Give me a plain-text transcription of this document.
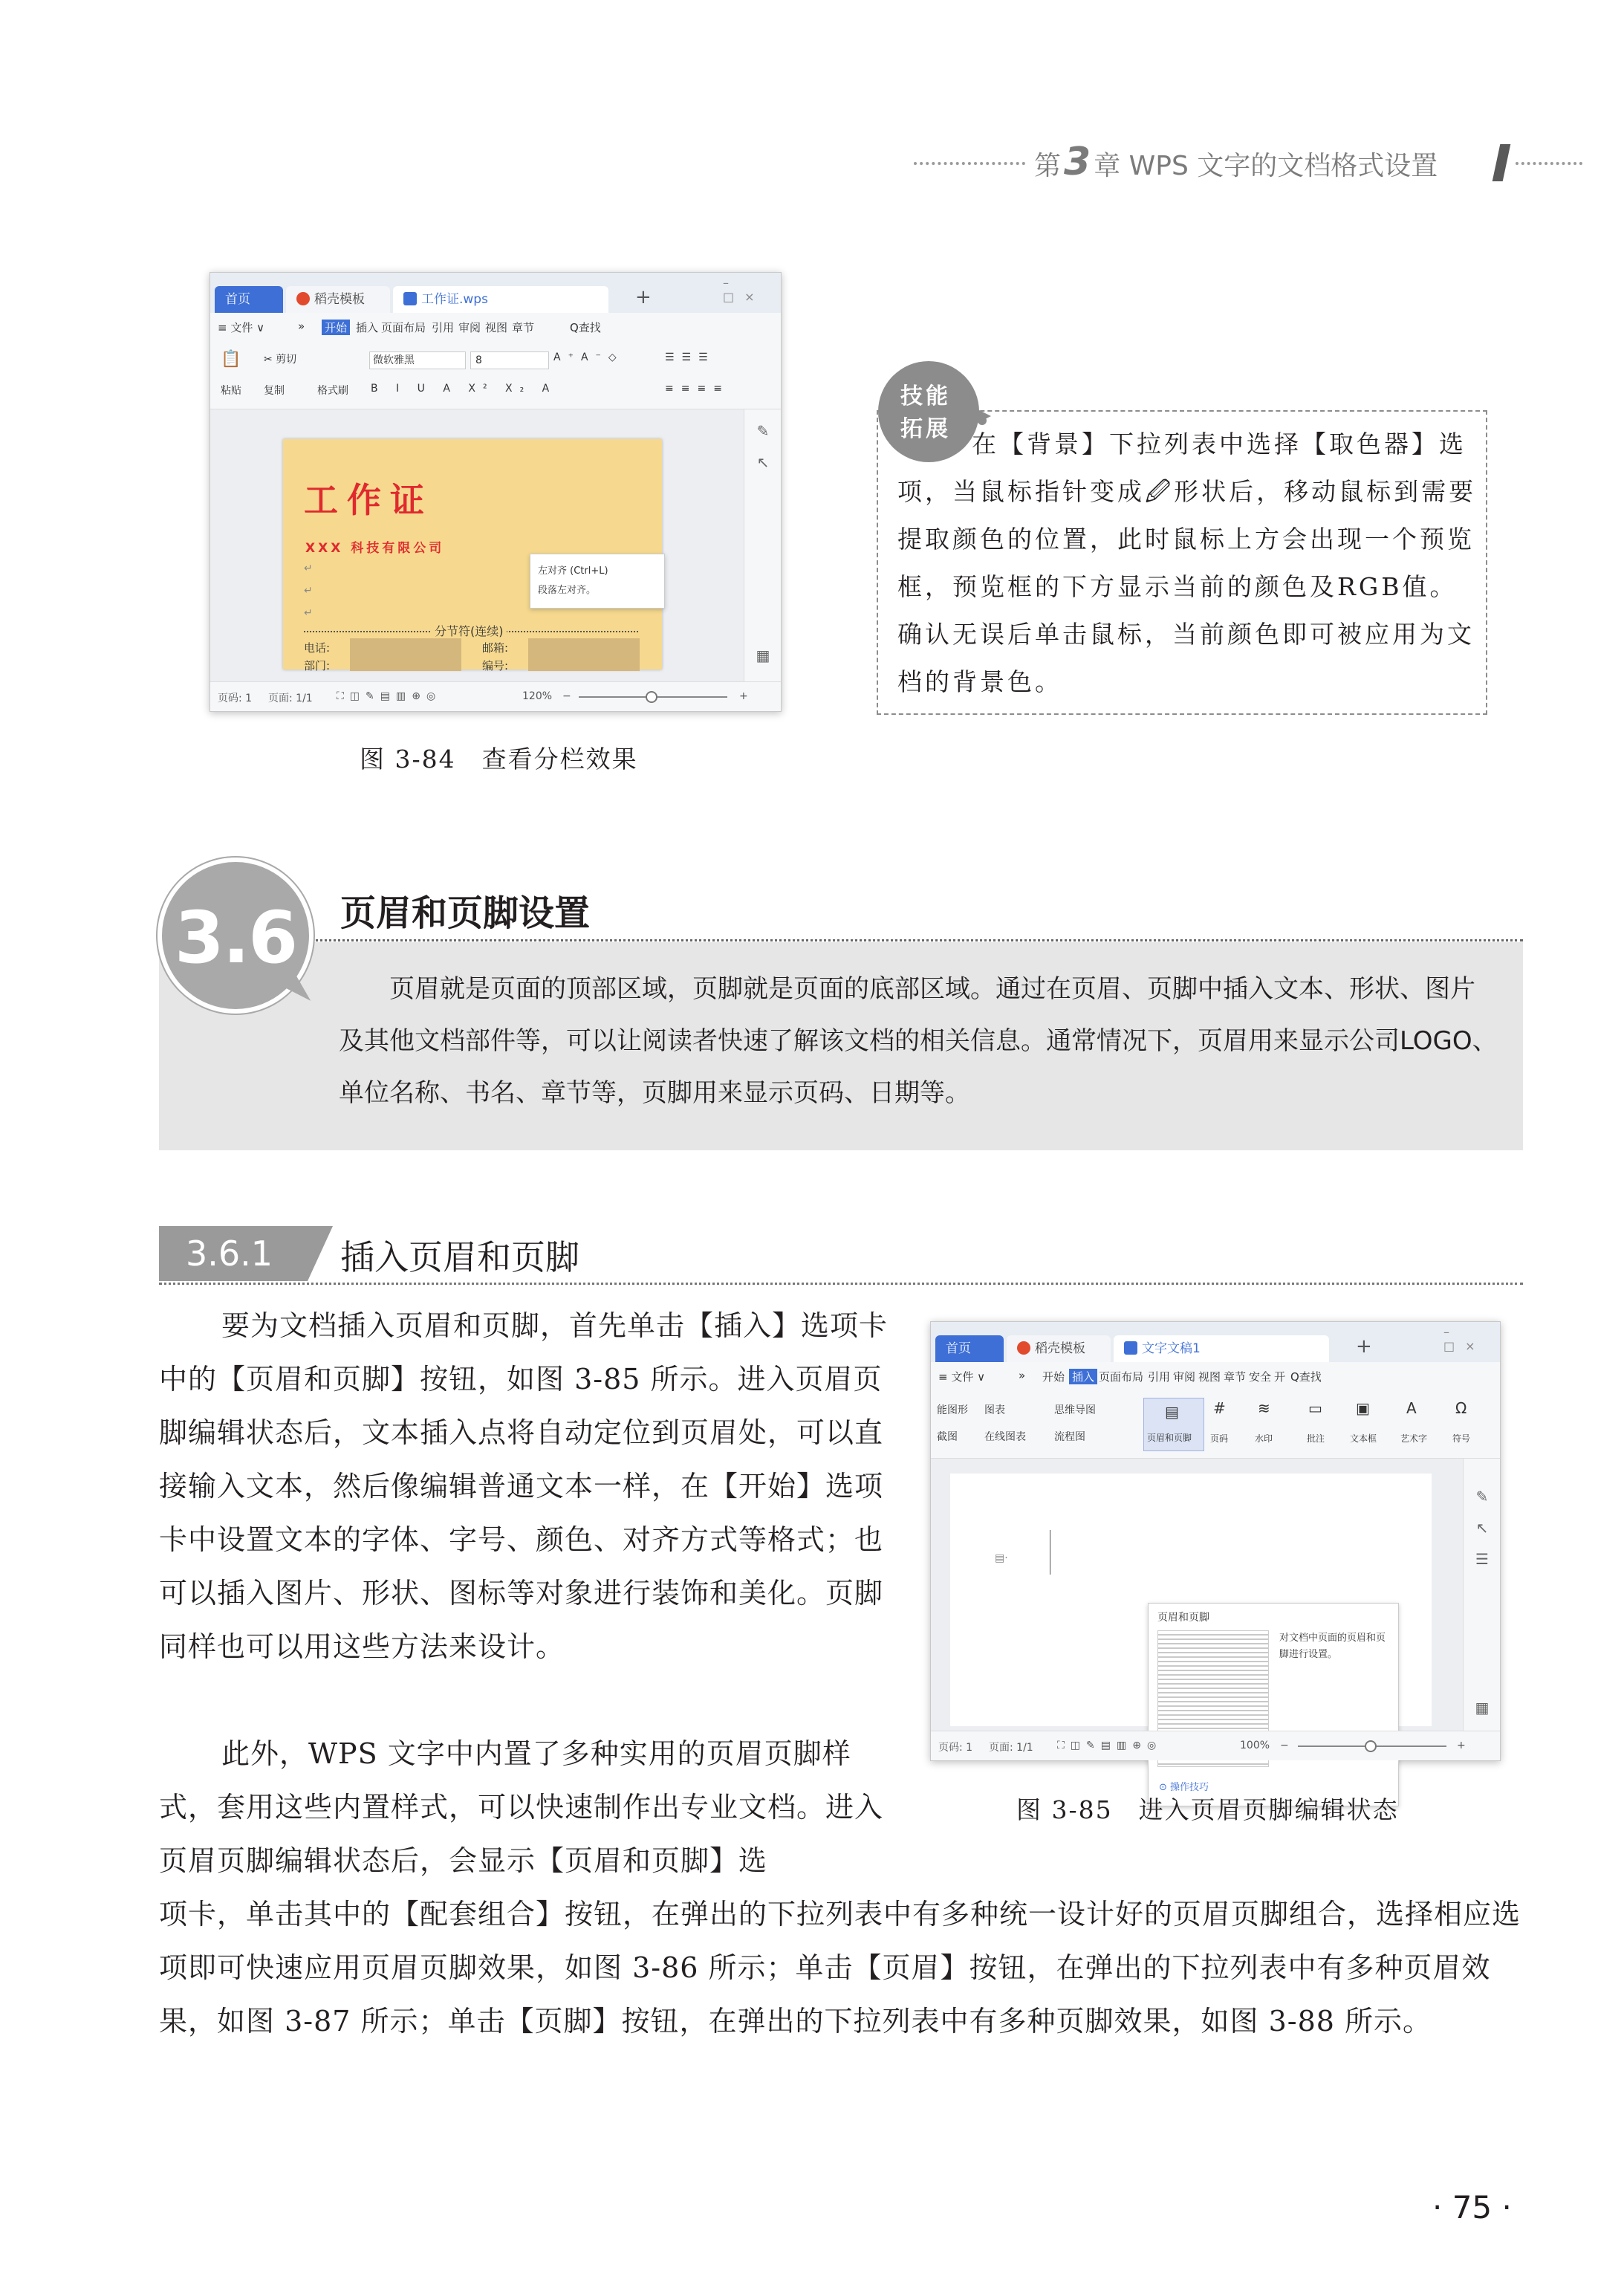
第3 章 WPS 文字的文档格式设置
首页	稻壳模板	工作证.wps	+
–□×
≡ 文件 ∨	» 开始 插入 页面布局 引用 审阅 视图 章节	Q查找
📋
粘贴
✂ 剪切
复制	格式刷
微软雅黑	8
B I U A X² X₂ A
A⁺A⁻◇	☰☰☰
≡≡≡≡
工作证
XXX 科技有限公司
↵
↵
↵
分节符(连续)
电话:
部门:
邮箱:
编号:
左对齐 (Ctrl+L)
段落左对齐。
✎
↖
▦
页码: 1 页面: 1/1 ⛶◫✎▤▥⊕◎	120% −	+
图 3-84　查看分栏效果
技能
拓展
在【背景】下拉列表中选择【取色器】选项，当鼠标指针变成🖉形状后，移动鼠标到需要提取颜色的位置，此时鼠标上方会出现一个预览框，预览框的下方显示当前的颜色及RGB值。确认无误后单击鼠标，当前颜色即可被应用为文档的背景色。
3.6	页眉和页脚设置
页眉就是页面的顶部区域，页脚就是页面的底部区域。通过在页眉、页脚中插入文本、形状、图片及其他文档部件等，可以让阅读者快速了解该文档的相关信息。通常情况下，页眉用来显示公司LOGO、单位名称、书名、章节等，页脚用来显示页码、日期等。
3.6.1	插入页眉和页脚
要为文档插入页眉和页脚，首先单击【插入】选项卡中的【页眉和页脚】按钮，如图 3-85 所示。进入页眉页脚编辑状态后，文本插入点将自动定位到页眉处，可以直接输入文本，然后像编辑普通文本一样，在【开始】选项卡中设置文本的字体、字号、颜色、对齐方式等格式；也可以插入图片、形状、图标等对象进行装饰和美化。页脚同样也可以用这些方法来设计。
此外，WPS 文字中内置了多种实用的页眉页脚样式，套用这些内置样式，可以快速制作出专业文档。进入页眉页脚编辑状态后，会显示【页眉和页脚】选
项卡，单击其中的【配套组合】按钮，在弹出的下拉列表中有多种统一设计好的页眉页脚组合，选择相应选项即可快速应用页眉页脚效果，如图 3-86 所示；单击【页眉】按钮，在弹出的下拉列表中有多种页眉效果，如图 3-87 所示；单击【页脚】按钮，在弹出的下拉列表中有多种页脚效果，如图 3-88 所示。
首页	稻壳模板	文字文稿1	+
–□×
≡ 文件 ∨	» 开始 插入 页面布局 引用 审阅 视图 章节 安全 开 Q查找
能图形
截图
图表
在线图表
思维导图
流程图
▤
页眉和页脚
#
页码
≋
水印
▭
批注
▣
文本框
A
艺术字
Ω
符号
▤·
页眉和页脚
对文档中页面的页眉和页脚进行设置。
⊙ 操作技巧
✎
↖
☰
▦
页码: 1 页面: 1/1 ⛶◫✎▤▥⊕◎	100% −	+
图 3-85　进入页眉页脚编辑状态
· 75 ·
